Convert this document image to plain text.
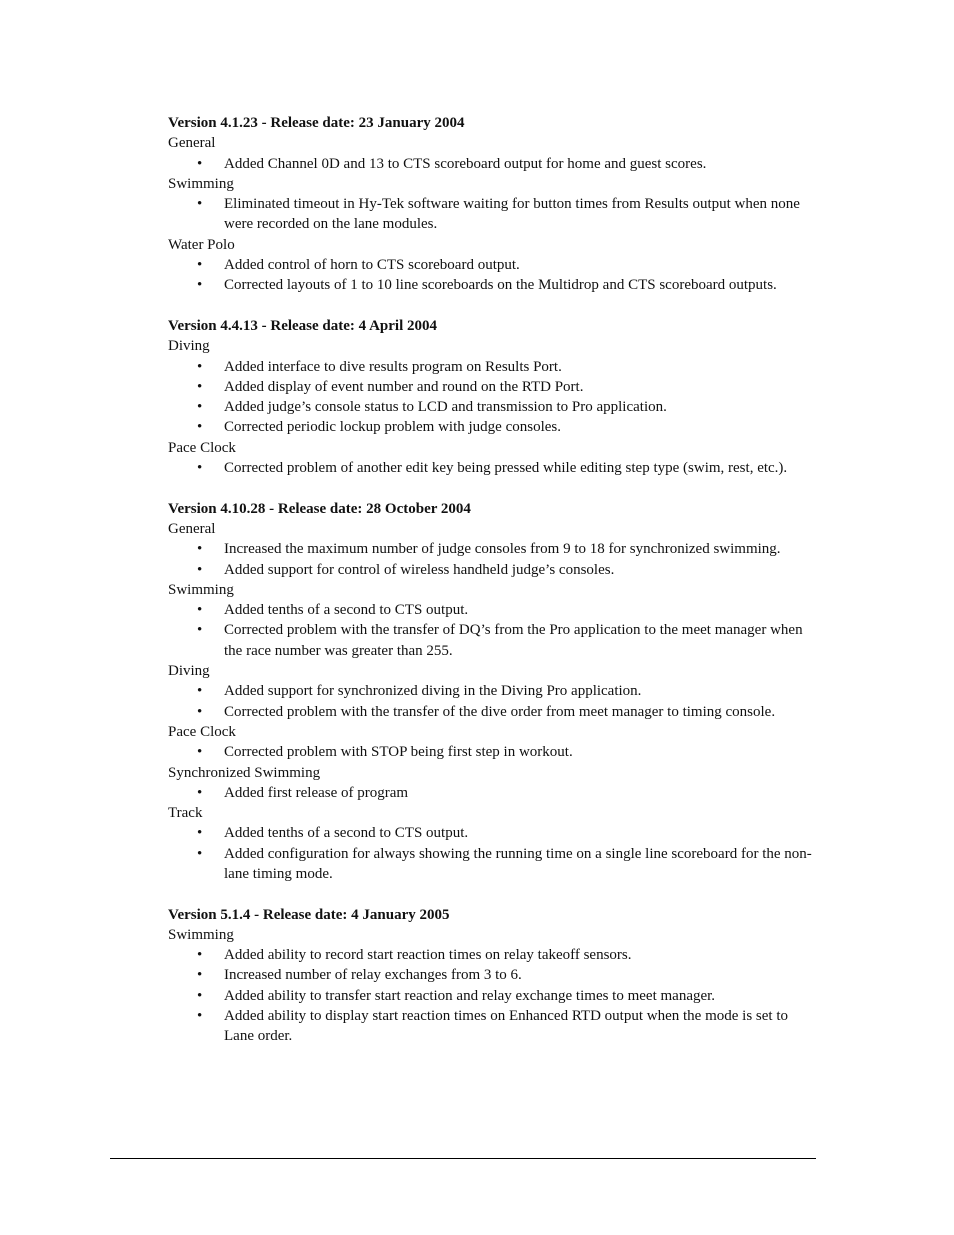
Version 4.1.23 - Release date: 23 January 2004
General
• Added Channel 0D and 13 to CTS scoreboard output for home and guest scores.
Swimming
• Eliminated timeout in Hy-Tek software waiting for button times from Results output when none were recorded on the lane modules.
Water Polo
• Added control of horn to CTS scoreboard output.
• Corrected layouts of 1 to 10 line scoreboards on the Multidrop and CTS scoreboard outputs.
Version 4.4.13 - Release date: 4 April 2004
Diving
• Added interface to dive results program on Results Port.
• Added display of event number and round on the RTD Port.
• Added judge’s console status to LCD and transmission to Pro application.
• Corrected periodic lockup problem with judge consoles.
Pace Clock
• Corrected problem of another edit key being pressed while editing step type (swim, rest, etc.).
Version 4.10.28 - Release date: 28 October 2004
General
• Increased the maximum number of judge consoles from 9 to 18 for synchronized swimming.
• Added support for control of wireless handheld judge’s consoles.
Swimming
• Added tenths of a second to CTS output.
• Corrected problem with the transfer of DQ’s from the Pro application to the meet manager when the race number was greater than 255.
Diving
• Added support for synchronized diving in the Diving Pro application.
• Corrected problem with the transfer of the dive order from meet manager to timing console.
Pace Clock
• Corrected problem with STOP being first step in workout.
Synchronized Swimming
• Added first release of program
Track
• Added tenths of a second to CTS output.
• Added configuration for always showing the running time on a single line scoreboard for the non-lane timing mode.
Version 5.1.4 - Release date: 4 January 2005
Swimming
• Added ability to record start reaction times on relay takeoff sensors.
• Increased number of relay exchanges from 3 to 6.
• Added ability to transfer start reaction and relay exchange times to meet manager.
• Added ability to display start reaction times on Enhanced RTD output when the mode is set to Lane order.
